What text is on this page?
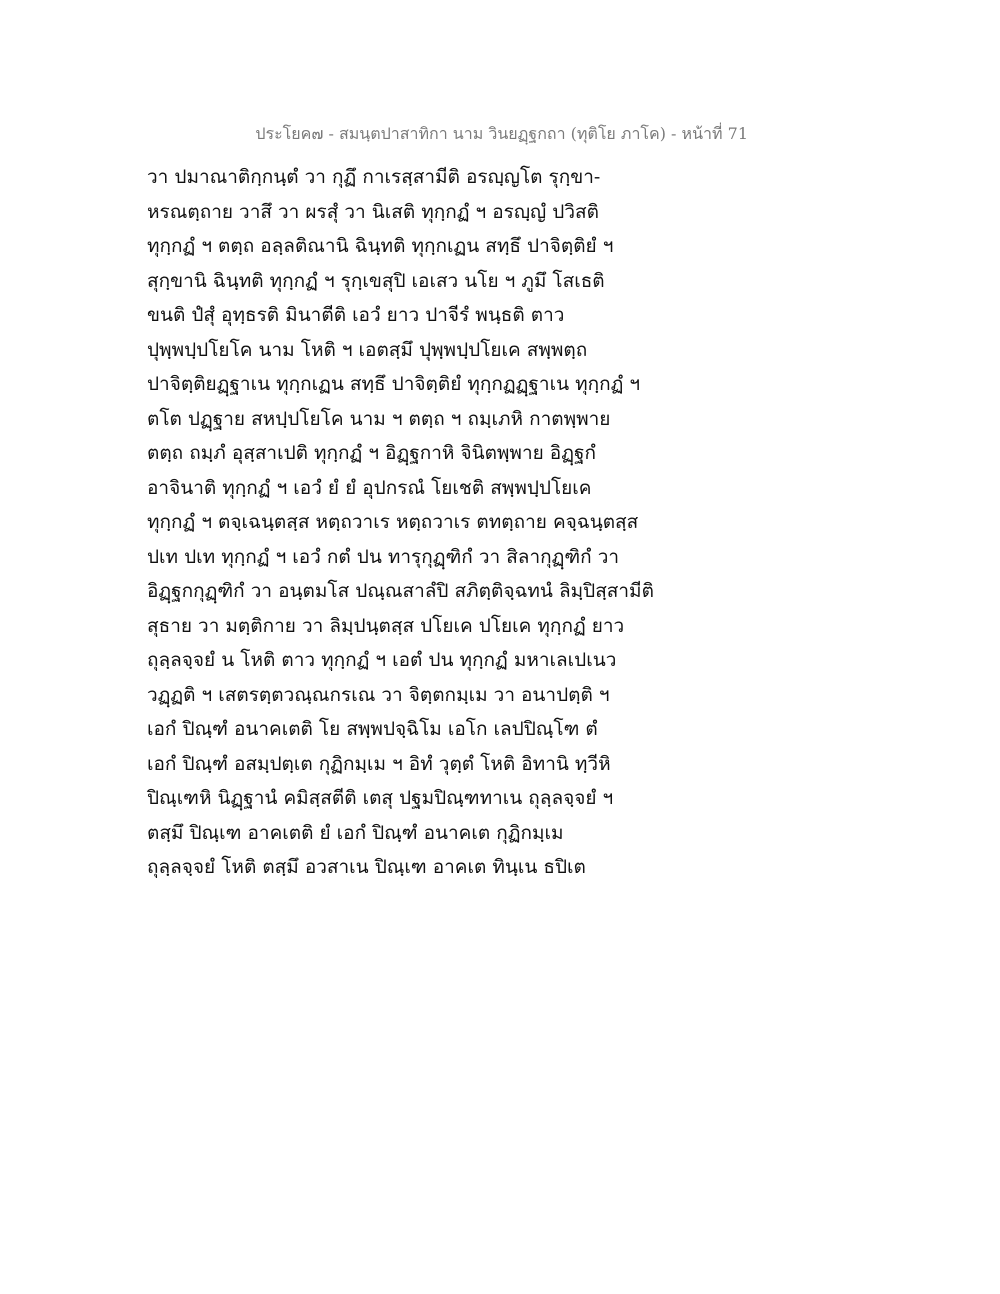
ประโยค๗ - สมนฺตปาสาทิกา นาม วินยฏฺฐกถา (ทุติโย ภาโค) - หน้าที่ 71
วา ปมาณาติกฺกนฺตํ วา กุฏึ กาเรสฺสามีติ อรญฺญโต รุกฺขา-
หรณตฺถาย วาสึ วา ผรสุํ วา นิเสติ ทุกฺกฏํ ฯ อรญฺญํ ปวิสติ
ทุกฺกฏํ ฯ ตตฺถ อลฺลติณานิ ฉินฺทติ ทุกฺกเฏน สทฺธึ ปาจิตฺติยํ ฯ
สุกฺขานิ ฉินฺทติ ทุกฺกฏํ ฯ รุกฺเขสุปิ เอเสว นโย ฯ ภูมึ โสเธติ
ขนติ ปํสุํ อุทฺธรติ มินาตีติ เอวํ ยาว ปาจีรํ พนฺธติ ตาว
ปุพฺพปฺปโยโค นาม โหติ ฯ เอตสฺมึ ปุพฺพปฺปโยเค สพฺพตฺถ
ปาจิตฺติยฏฺฐาเน ทุกฺกเฏน สทฺธึ ปาจิตฺติยํ ทุกฺกฏฏฺฐาเน ทุกฺกฏํ ฯ
ตโต ปฏฺฐาย สหปฺปโยโค นาม ฯ ตตฺถ ฯ ถมฺเภหิ กาตพฺพาย
ตตฺถ ถมฺภํ อุสฺสาเปติ ทุกฺกฏํ ฯ อิฏฺฐกาหิ จินิตพฺพาย อิฏฺฐกํ
อาจินาติ ทุกฺกฏํ ฯ เอวํ ยํ ยํ อุปกรณํ โยเชติ สพฺพปฺปโยเค
ทุกฺกฏํ ฯ ตจฺเฉนฺตสฺส หตฺถวาเร หตฺถวาเร ตทตฺถาย คจฺฉนฺตสฺส
ปเท ปเท ทุกฺกฏํ ฯ เอวํ กตํ ปน ทารุกุฏฺฑิกํ วา สิลากุฏฺฑิกํ วา
อิฏฺฐกกุฏฺฑิกํ วา อนฺตมโส ปณฺณสาลํปิ สภิตฺติจฺฉทนํ ลิมฺปิสฺสามีติ
สุธาย วา มตฺติกาย วา ลิมฺปนฺตสฺส ปโยเค ปโยเค ทุกฺกฏํ ยาว
ถุลฺลจฺจยํ น โหติ ตาว ทุกฺกฏํ ฯ เอตํ ปน ทุกฺกฏํ มหาเลเปเนว
วฏฺฏติ ฯ เสตรตฺตวณฺณกรเณ วา จิตฺตกมฺเม วา อนาปตฺติ ฯ
เอกํ ปิณฺฑํ อนาคเตติ โย สพฺพปจฺฉิโม เอโก เลปปิณฺโฑ ตํ
เอกํ ปิณฺฑํ อสมฺปตฺเต กุฏิกมฺเม ฯ อิทํ วุตฺตํ โหติ อิทานิ ทฺวีหิ
ปิณฺเฑหิ นิฏฺฐานํ คมิสฺสตีติ เตสุ ปฐมปิณฺฑทาเน ถุลฺลจฺจยํ ฯ
ตสฺมึ ปิณฺเฑ อาคเตติ ยํ เอกํ ปิณฺฑํ อนาคเต กุฏิกมฺเม
ถุลฺลจฺจยํ โหติ ตสฺมึ อวสาเน ปิณฺเฑ อาคเต ทินฺเน ธปิเต
